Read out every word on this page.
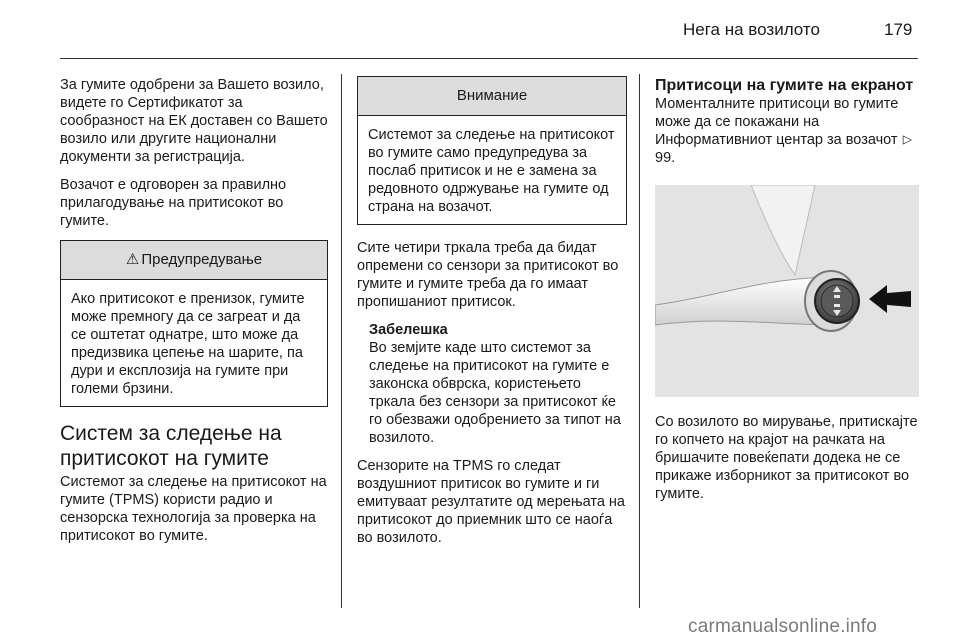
Нега на возилото	179

За гумите одобрени за Вашето возило, видете го Сертификатот за сообразност на ЕК доставен со Вашето возило или другите национални документи за регистрација.

Возачот е одговорен за правилно прилагодување на притисокот во гумите.

⚠ Предупредување
Ако притисокот е пренизок, гумите може премногу да се загреат и да се оштетат однатре, што може да предизвика цепење на шарите, па дури и експлозија на гумите при големи брзини.
Систем за следење на притисокот на гумите

Системот за следење на притисокот на гумите (TPMS) користи радио и сензорска технологија за проверка на притисокот во гумите.

Внимание
Системот за следење на притисокот во гумите само предупредува за послаб притисок и не е замена за редовното одржување на гумите од страна на возачот.

Сите четири тркала треба да бидат опремени со сензори за притисокот во гумите и гумите треба да го имаат пропишаниот притисок.

Забелешка

Во земјите каде што системот за следење на притисокот на гумите е законска обврска, користењето тркала без сензори за притисокот ќе го обезважи одобрението за типот на возилото.

Сензорите на TPMS го следат воздушниот притисок во гумите и ги емитуваат резултатите од мерењата на притисокот до приемник што се наоѓа во возилото.

Притисоци на гумите на екранот

Моменталните притисоци во гумите може да се покажани на Информативниот центар за возачот ▽ 99.

Со возилото во мирување, притискајте го копчето на крајот на рачката на бришачите повеќепати додека не се прикаже изборникот за притисокот во гумите.

carmanualsonline.info
